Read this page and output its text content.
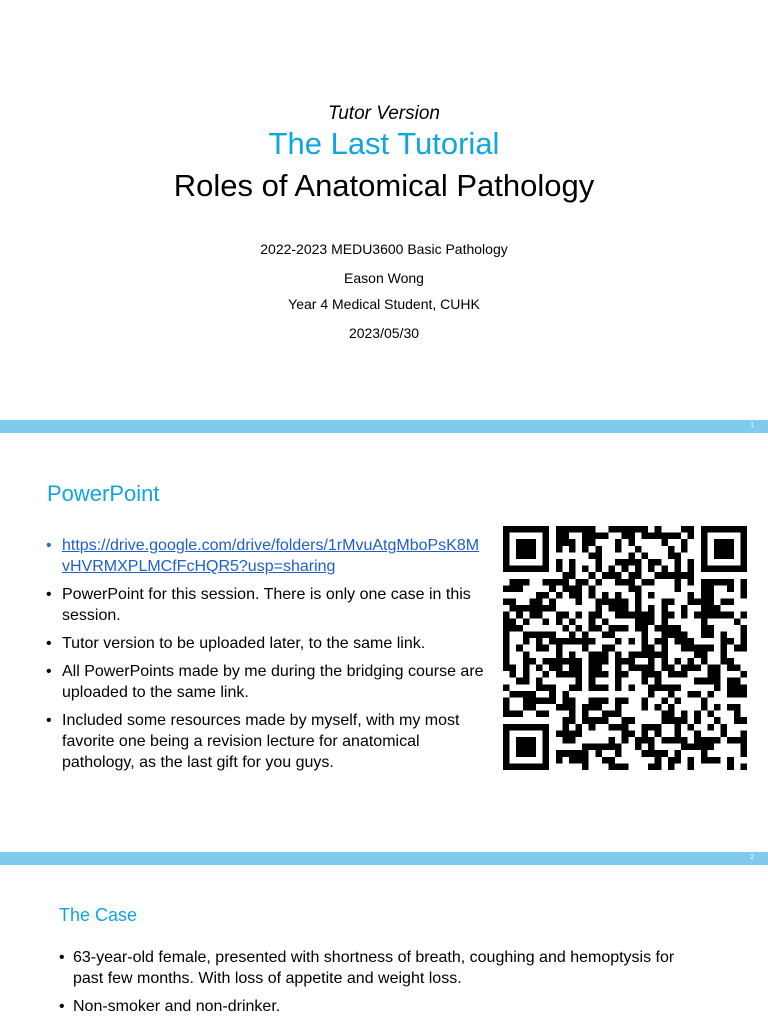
Tutor Version
The Last Tutorial
Roles of Anatomical Pathology
2022-2023 MEDU3600 Basic Pathology
Eason Wong
Year 4 Medical Student, CUHK
2023/05/30
1
PowerPoint
• https://drive.google.com/drive/folders/1rMvuAtgMboPsK8MvHVRMXPLMCfFcHQR5?usp=sharing
• PowerPoint for this session. There is only one case in this session.
• Tutor version to be uploaded later, to the same link.
• All PowerPoints made by me during the bridging course are uploaded to the same link.
• Included some resources made by myself, with my most favorite one being a revision lecture for anatomical pathology, as the last gift for you guys.
2
The Case
• 63-year-old female, presented with shortness of breath, coughing and hemoptysis for past few months. With loss of appetite and weight loss.
• Non-smoker and non-drinker.
